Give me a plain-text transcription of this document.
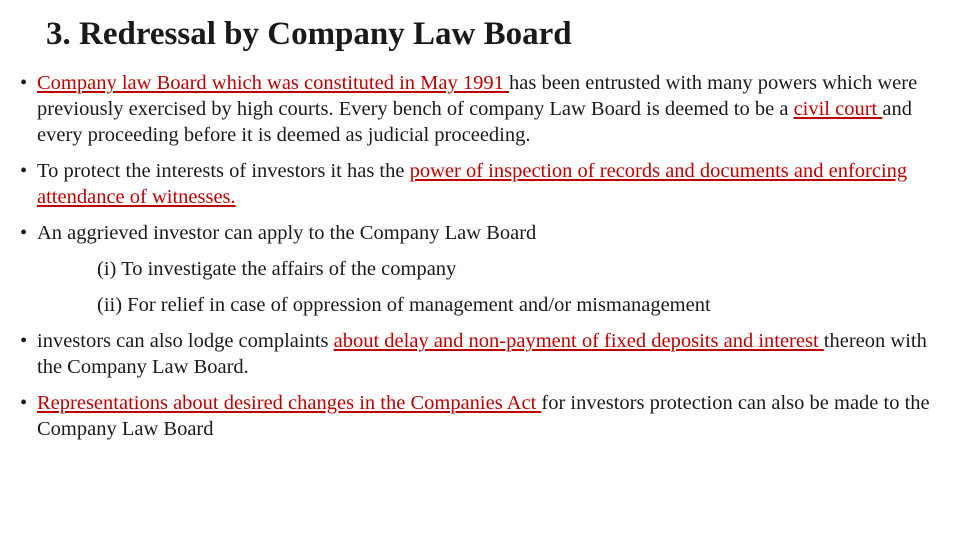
3. Redressal by Company Law Board
• Company law Board which was constituted in May 1991 has been entrusted with many powers which were previously exercised by high courts. Every bench of company Law Board is deemed to be a civil court and every proceeding before it is deemed as judicial proceeding.
• To protect the interests of investors it has the power of inspection of records and documents and enforcing attendance of witnesses.
• An aggrieved investor can apply to the Company Law Board
(i) To investigate the affairs of the company
(ii) For relief in case of oppression of management and/or mismanagement
• investors can also lodge complaints about delay and non-payment of fixed deposits and interest thereon with the Company Law Board.
• Representations about desired changes in the Companies Act for investors protection can also be made to the Company Law Board
